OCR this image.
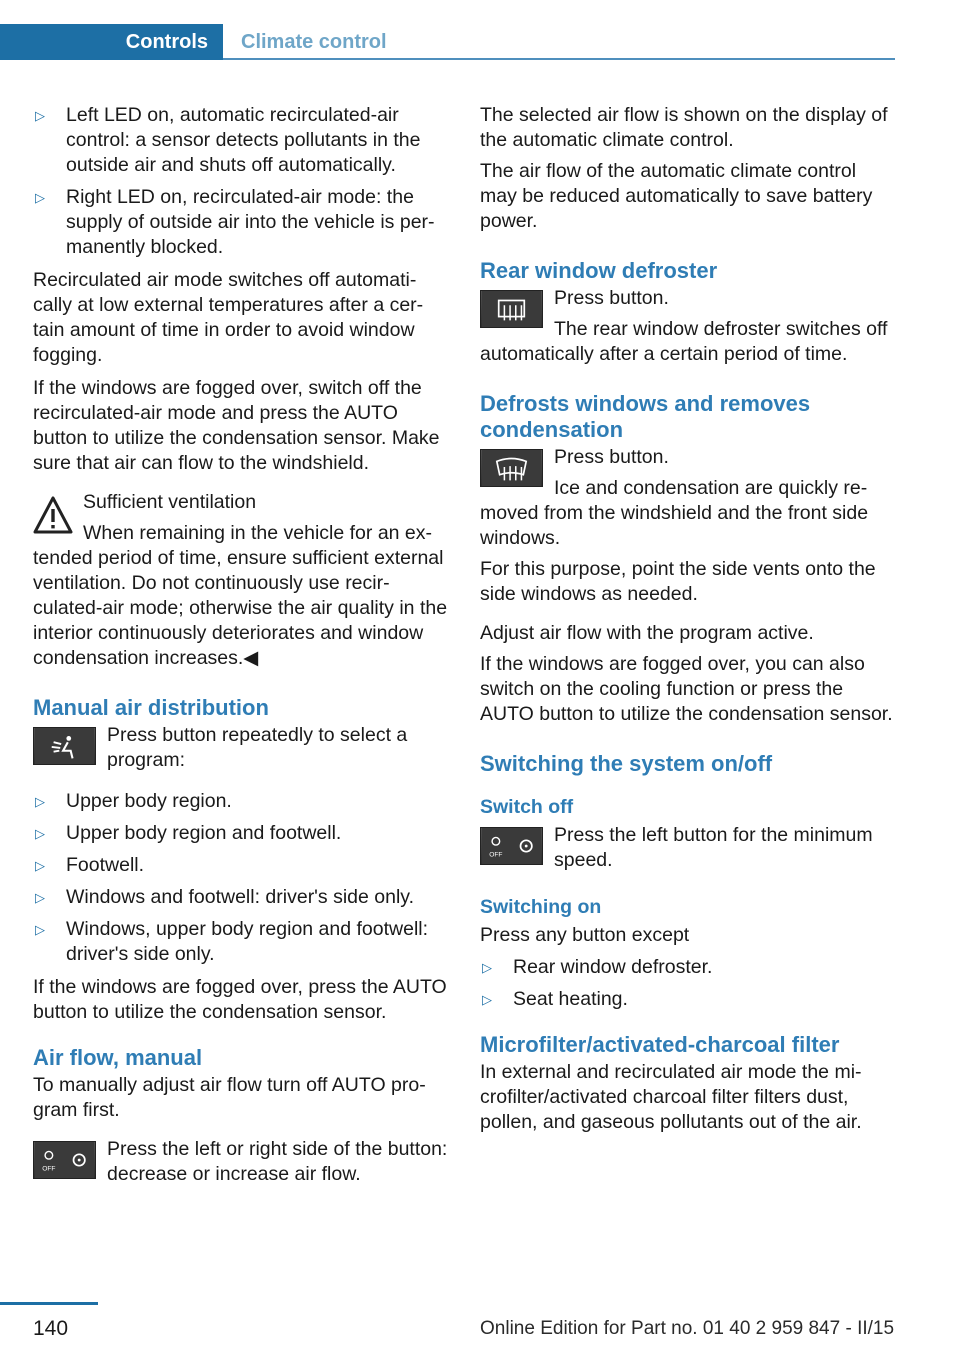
Controls	Climate control
▷ Left LED on, automatic recirculated-air control: a sensor detects pollutants in the outside air and shuts off automatically.
▷ Right LED on, recirculated-air mode: the supply of outside air into the vehicle is permanently blocked.

Recirculated air mode switches off automatically at low external temperatures after a certain amount of time in order to avoid window fogging.

If the windows are fogged over, switch off the recirculated-air mode and press the AUTO button to utilize the condensation sensor. Make sure that air can flow to the windshield.

Sufficient ventilation

When remaining in the vehicle for an extended period of time, ensure sufficient external ventilation. Do not continuously use recirculated-air mode; otherwise the air quality in the interior continuously deteriorates and window condensation increases.◀

Manual air distribution

Press button repeatedly to select a program:

▷ Upper body region.
▷ Upper body region and footwell.
▷ Footwell.
▷ Windows and footwell: driver's side only.
▷ Windows, upper body region and footwell: driver's side only.

If the windows are fogged over, press the AUTO button to utilize the condensation sensor.

Air flow, manual

To manually adjust air flow turn off AUTO program first.

OFF

Press the left or right side of the button: decrease or increase air flow.

The selected air flow is shown on the display of the automatic climate control.

The air flow of the automatic climate control may be reduced automatically to save battery power.

Rear window defroster

Press button.

The rear window defroster switches off automatically after a certain period of time.

Defrosts windows and removes condensation

Press button.

Ice and condensation are quickly removed from the windshield and the front side windows.

For this purpose, point the side vents onto the side windows as needed.

Adjust air flow with the program active.

If the windows are fogged over, you can also switch on the cooling function or press the AUTO button to utilize the condensation sensor.

Switching the system on/off
Switch off
OFF

Press the left button for the minimum speed.

Switching on

Press any button except

▷ Rear window defroster.
▷ Seat heating.
Microfilter/activated-charcoal filter

In external and recirculated air mode the microfilter/activated charcoal filter filters dust, pollen, and gaseous pollutants out of the air.

140	Online Edition for Part no. 01 40 2 959 847 - II/15
